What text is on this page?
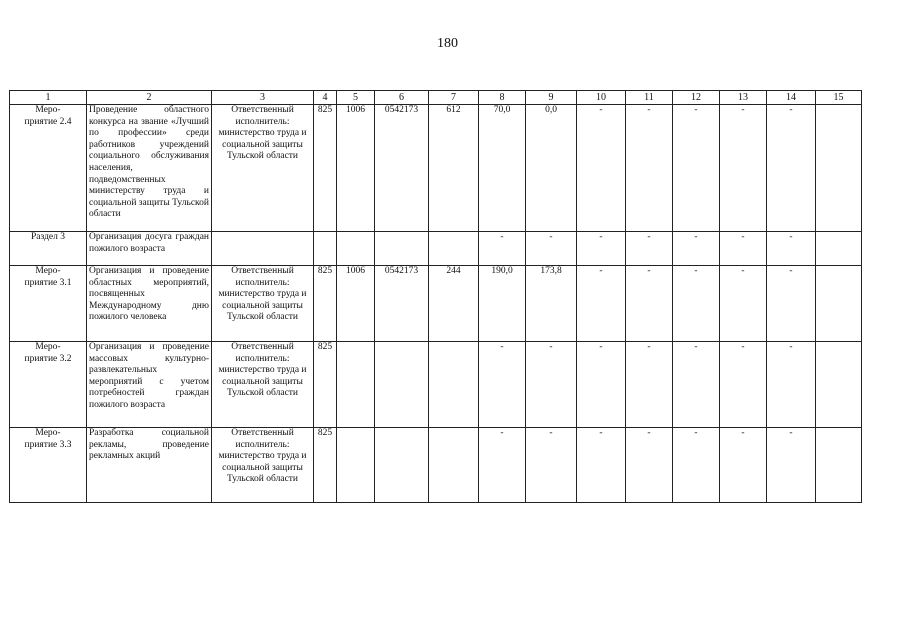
180
1	2	3	4	5	6	7	8	9	10	11	12	13	14	15
Меро-
приятие 2.4	Проведение областного конкурса на звание «Лучший по профессии» среди работников учреждений социального обслуживания населения, подведомственных министерству труда и социальной защиты Тульской области	Ответственный исполнитель: министерство труда и социальной защиты Тульской области	825	1006	0542173	612	70,0	0,0	-	-	-	-	-	
Раздел 3	Организация досуга граждан пожилого возраста						-	-	-	-	-	-	-	
Меро-
приятие 3.1	Организация и проведение областных мероприятий, посвященных Международному дню пожилого человека	Ответственный исполнитель: министерство труда и социальной защиты Тульской области	825	1006	0542173	244	190,0	173,8	-	-	-	-	-	
Меро-
приятие 3.2	Организация и проведение массовых культурно-развлекательных мероприятий с учетом потребностей граждан пожилого возраста	Ответственный исполнитель: министерство труда и социальной защиты Тульской области	825				-	-	-	-	-	-	-	
Меро-
приятие 3.3	Разработка социальной рекламы, проведение рекламных акций	Ответственный исполнитель: министерство труда и социальной защиты Тульской области	825				-	-	-	-	-	-	-	
